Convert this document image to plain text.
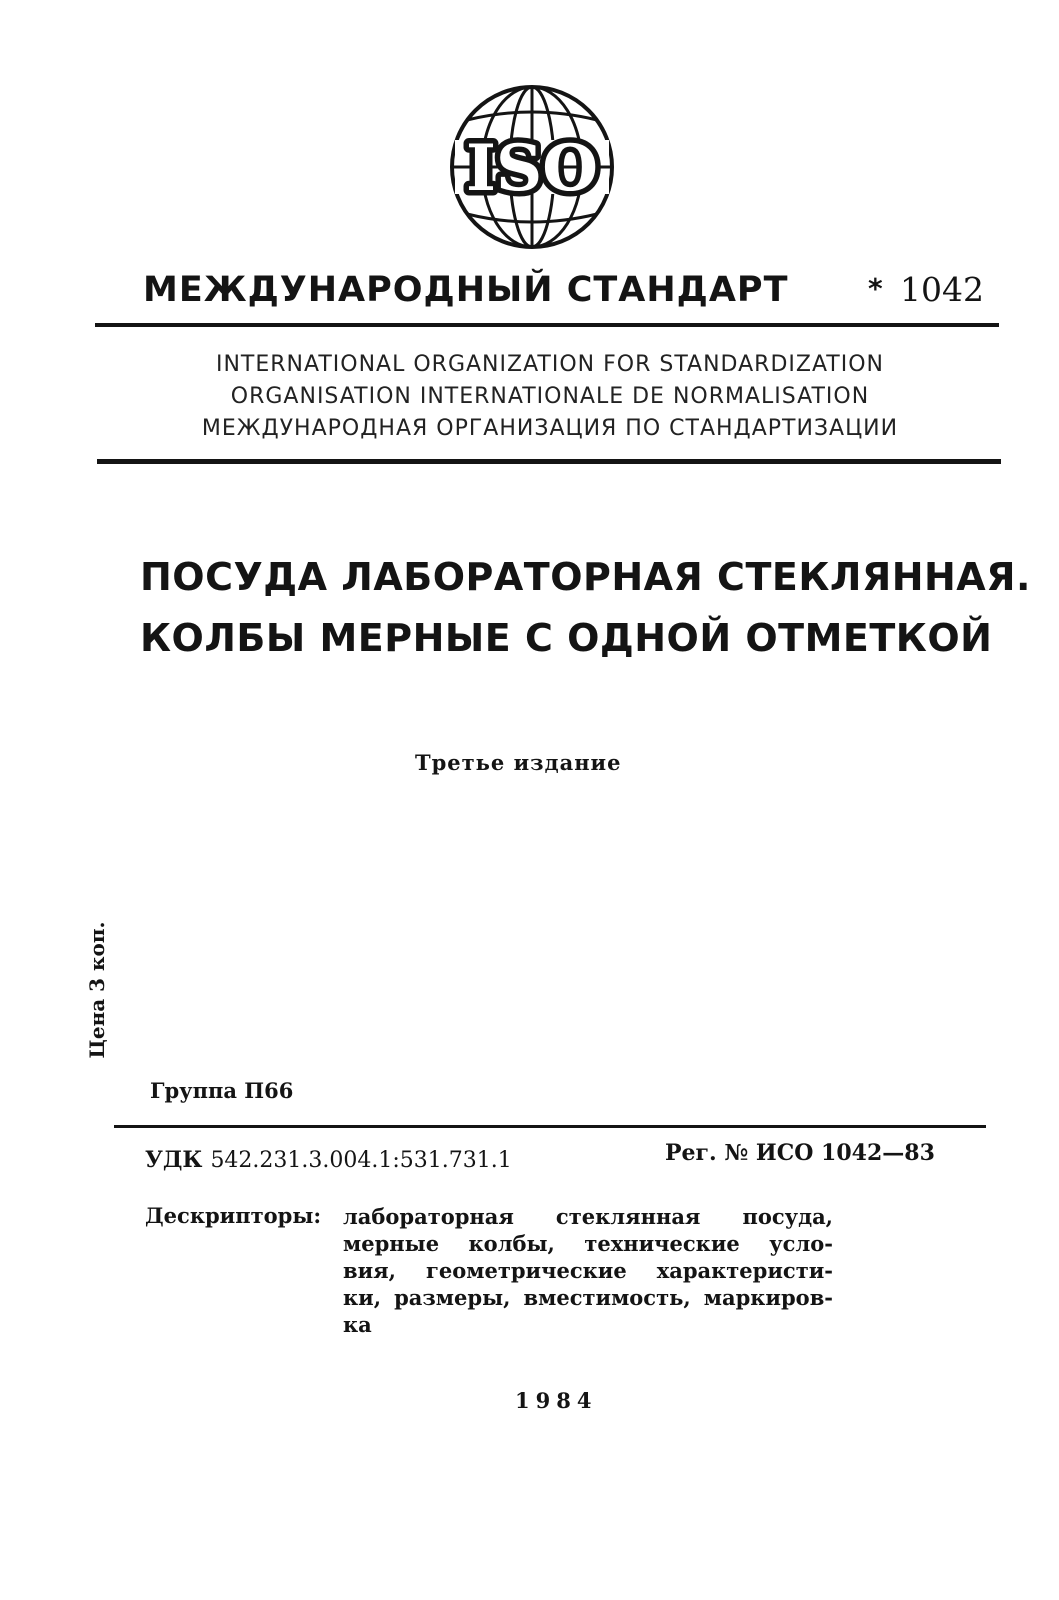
ISO
МЕЖДУНАРОДНЫЙ СТАНДАРТ	* 1042
INTERNATIONAL ORGANIZATION FOR STANDARDIZATION
ORGANISATION INTERNATIONALE DE NORMALISATION
МЕЖДУНАРОДНАЯ ОРГАНИЗАЦИЯ ПО СТАНДАРТИЗАЦИИ
ПОСУДА ЛАБОРАТОРНАЯ СТЕКЛЯННАЯ.
КОЛБЫ МЕРНЫЕ С ОДНОЙ ОТМЕТКОЙ
Третье издание
Цена 3 коп.
Группа П66
УДК 542.231.3.004.1:531.731.1	Рег. № ИСО 1042—83
Дескрипторы: лабораторная стеклянная посуда,
мерные колбы, технические усло-
вия, геометрические характеристи-
ки, размеры, вместимость, маркиров-
ка
1984
